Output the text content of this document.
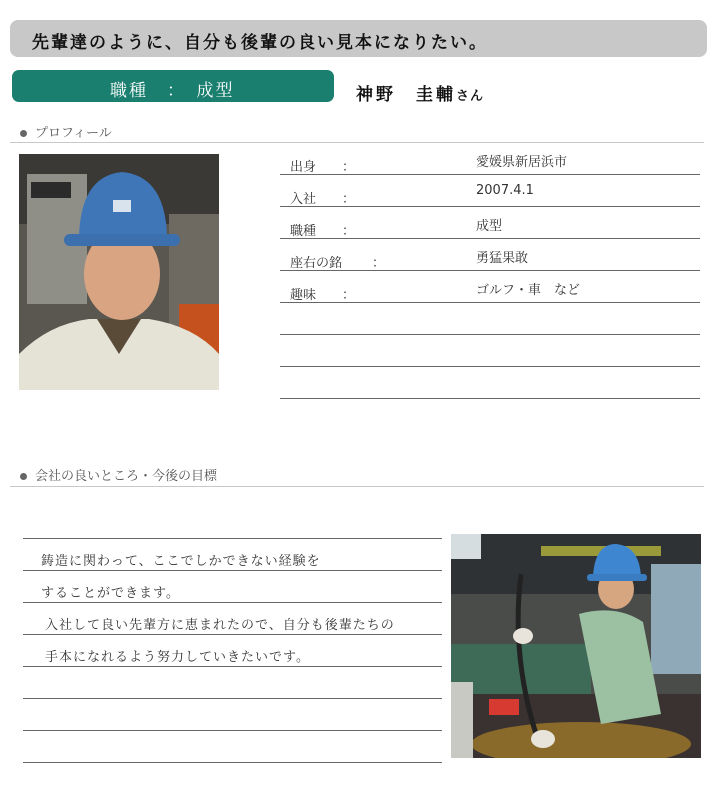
先輩達のように、自分も後輩の良い見本になりたい。
職種　：　成型	神野　圭輔さん
プロフィール
出身 ：	愛媛県新居浜市
入社 ：
2007.4.1
職種 ：	成型
座右の銘 ：	勇猛果敢
趣味 ：	ゴルフ・車　など
会社の良いところ・今後の目標
鋳造に関わって、ここでしかできない経験を
することができます。
入社して良い先輩方に恵まれたので、自分も後輩たちの
手本になれるよう努力していきたいです。
